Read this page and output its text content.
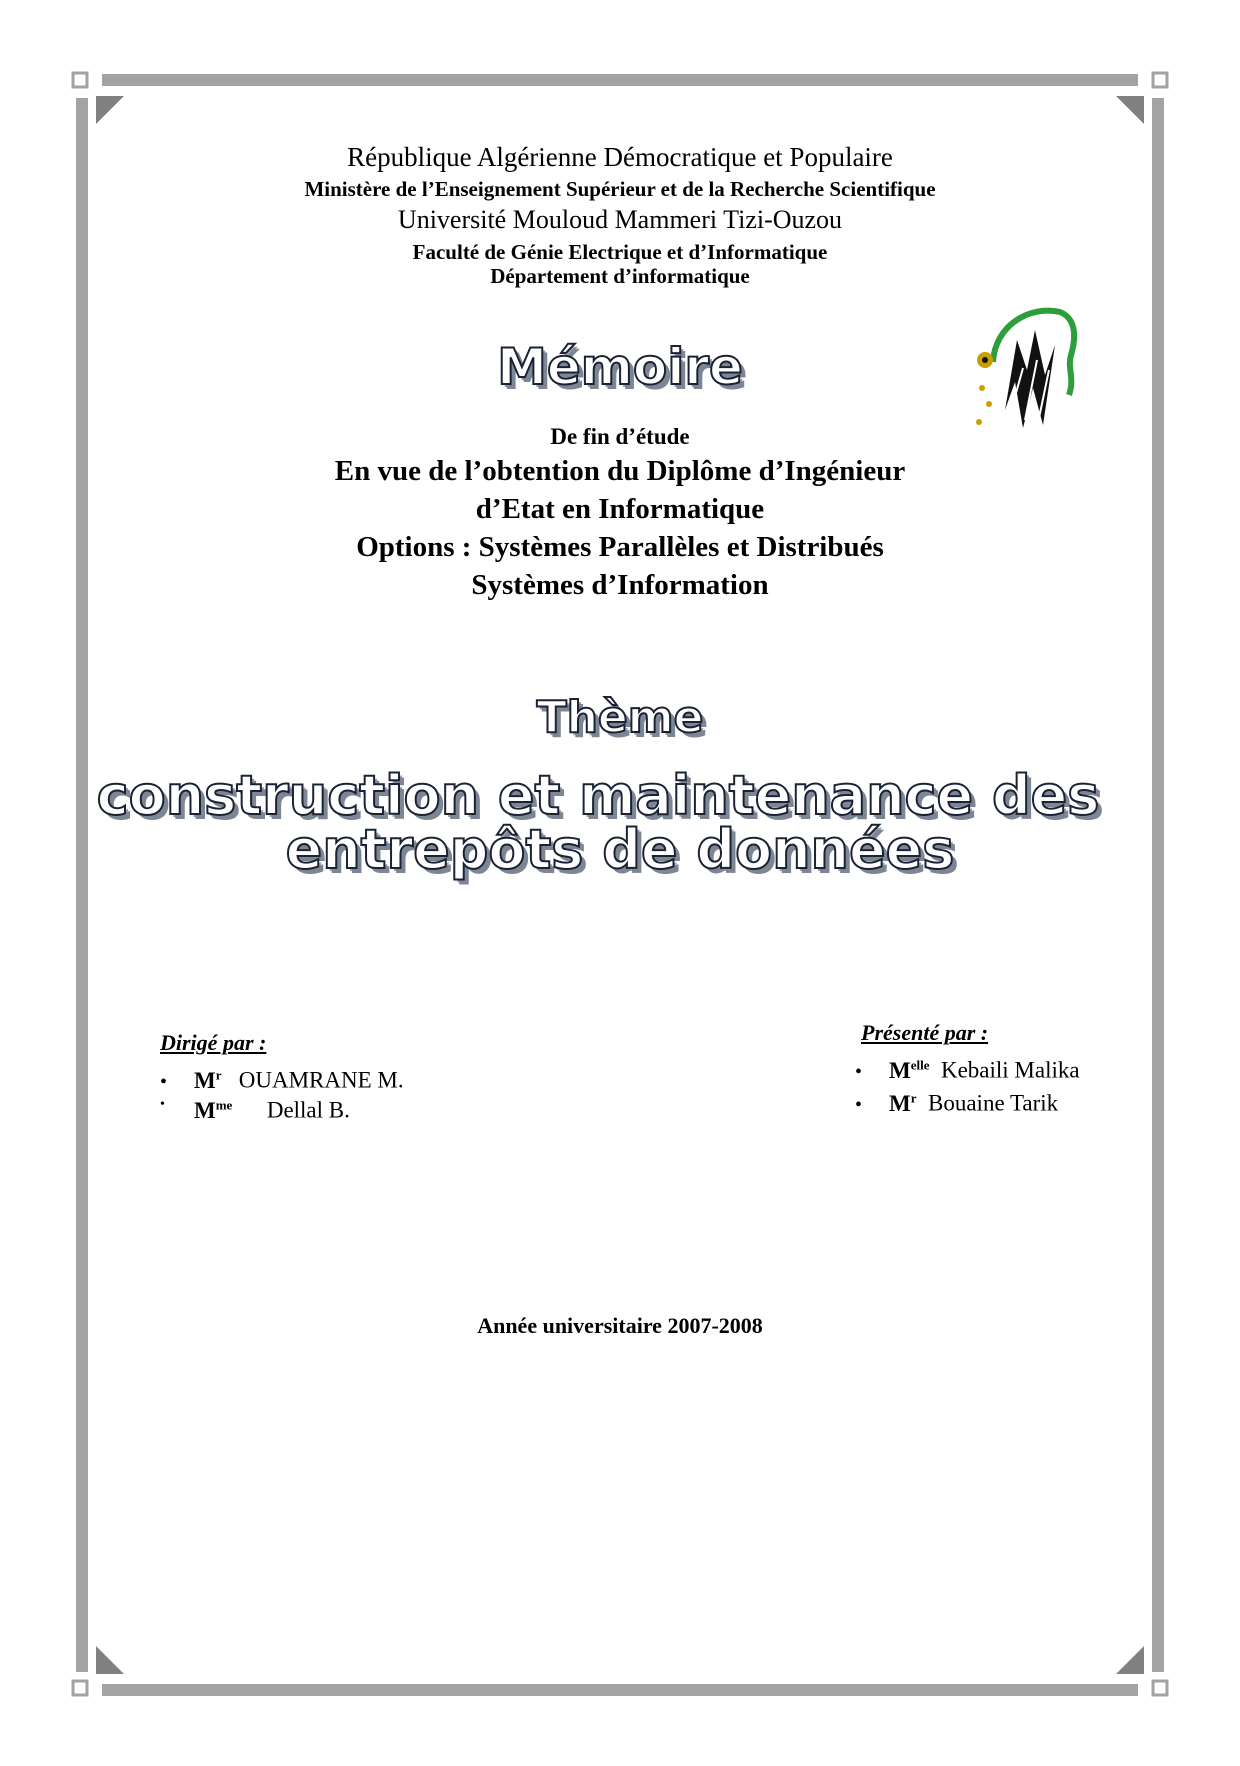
République Algérienne Démocratique et Populaire
Ministère de l’Enseignement Supérieur et de la Recherche Scientifique
Université Mouloud Mammeri Tizi-Ouzou
Faculté de Génie Electrique et d’Informatique
Département d’informatique
Mémoire
De fin d’étude
En vue de l’obtention du Diplôme d’Ingénieur
d’Etat en Informatique
Options : Systèmes Parallèles et Distribués
Systèmes d’Information
Thème
construction et maintenance des
entrepôts de données
Dirigé par :
• $M^r$ OUAMRANE M.
• $M^{me}$ Dellal B.
Présenté par :
• $M^{elle}$ Kebaili Malika
• $M^r$ Bouaine Tarik
Année universitaire 2007-2008
